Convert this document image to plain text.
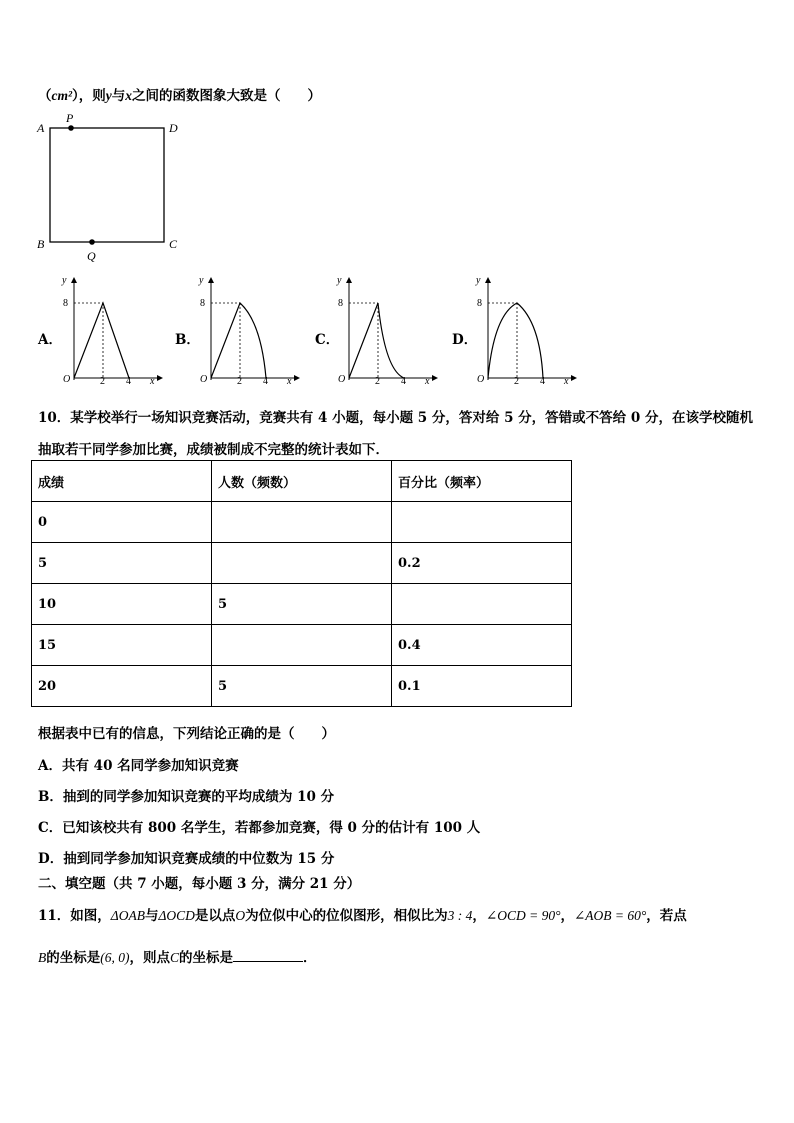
（cm²），则y与x之间的函数图象大致是（　　）
A
P
D
B	C
Q
A．	B．	C．	D．
y
8
O	2 4 x
y
8
O	2 4 x
y
8
O	2 4 x
y
8
O	2 4 x
10．某学校举行一场知识竞赛活动，竞赛共有 4 小题，每小题 5 分，答对给 5 分，答错或不答给 0 分，在该学校随机
抽取若干同学参加比赛，成绩被制成不完整的统计表如下．
成绩	人数（频数）	百分比（频率）
0		
5		0.2
10	5	
15		0.4
20	5	0.1
根据表中已有的信息，下列结论正确的是（　　）
A．共有 40 名同学参加知识竞赛
B．抽到的同学参加知识竞赛的平均成绩为 10 分
C．已知该校共有 800 名学生，若都参加竞赛，得 0 分的估计有 100 人
D．抽到同学参加知识竞赛成绩的中位数为 15 分
二、填空题（共 7 小题，每小题 3 分，满分 21 分）
11．如图，ΔOAB与ΔOCD是以点O为位似中心的位似图形，相似比为3 : 4，∠OCD = 90°，∠AOB = 60°，若点
B的坐标是(6, 0)，则点C的坐标是	．
